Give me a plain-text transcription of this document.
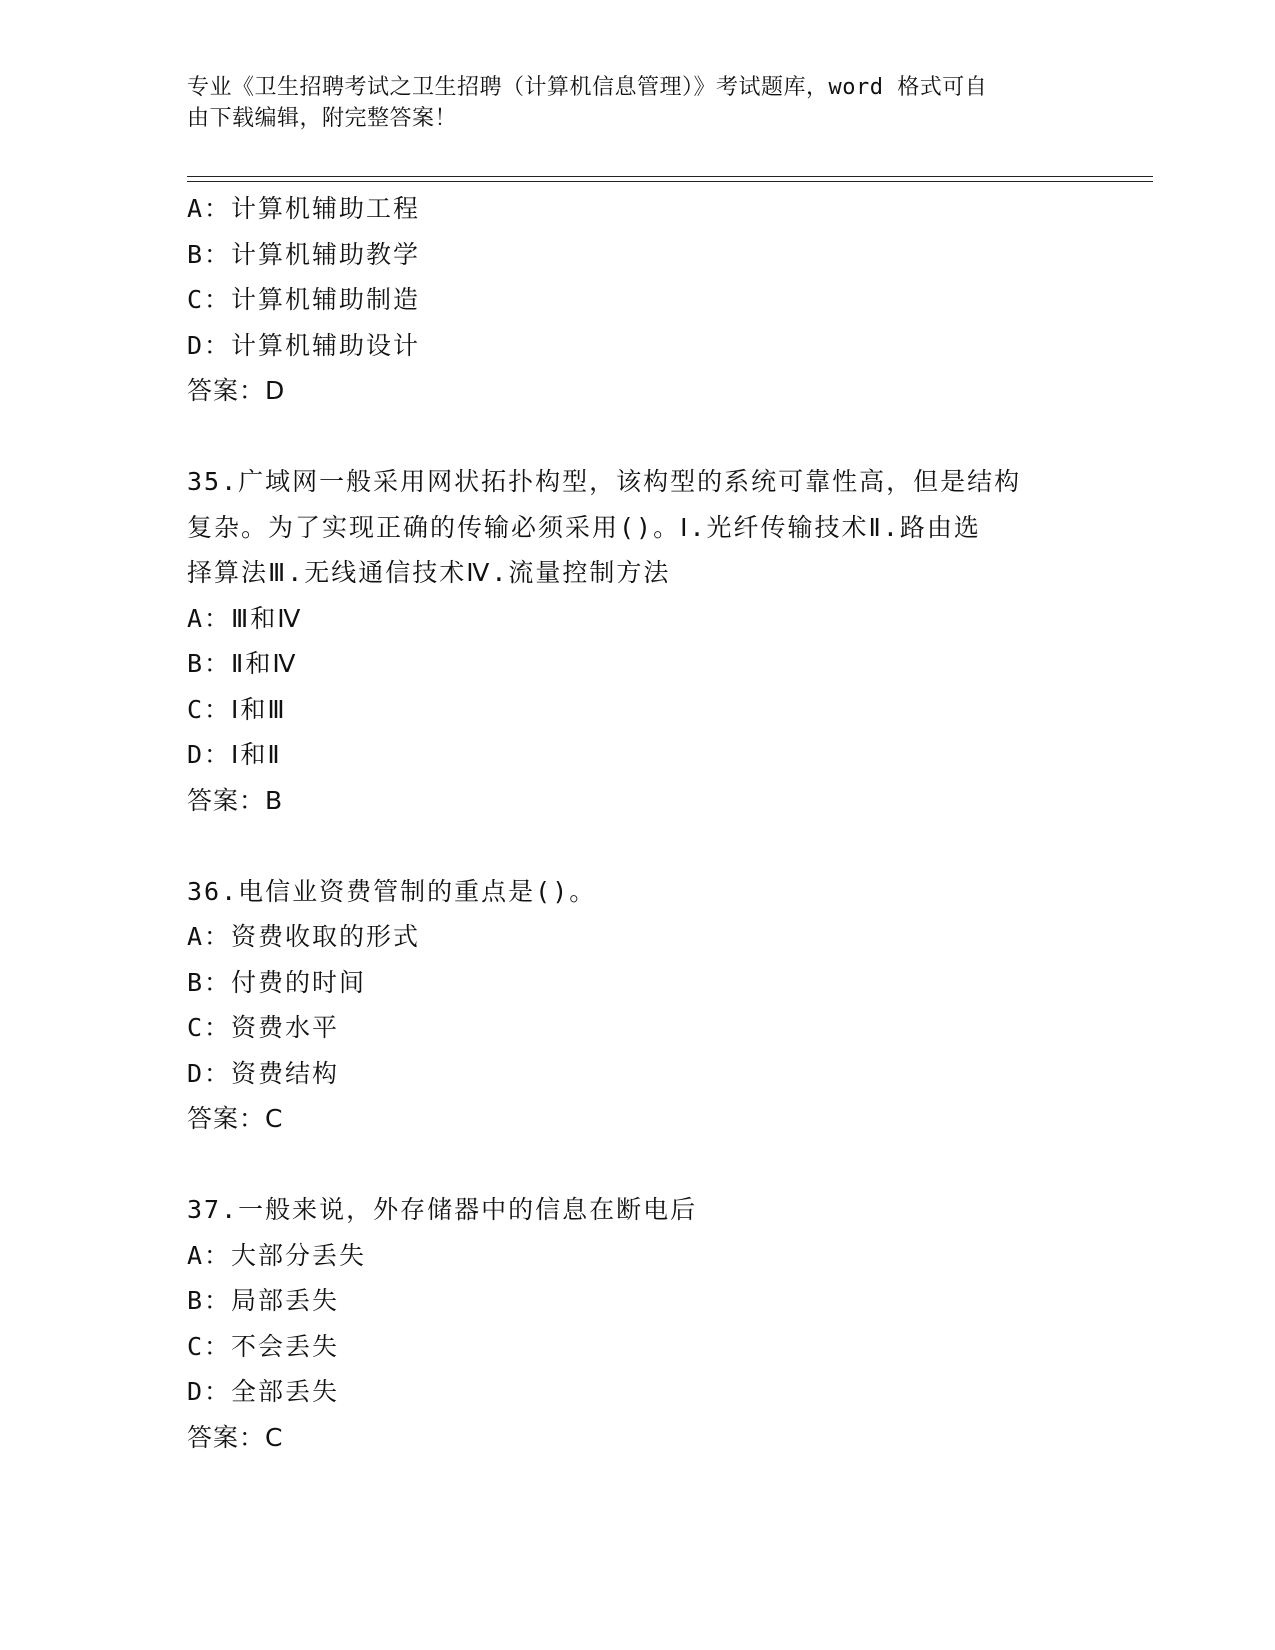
专业《卫生招聘考试之卫生招聘（计算机信息管理）》考试题库，word 格式可自
由下载编辑，附完整答案！
A：计算机辅助工程
B：计算机辅助教学
C：计算机辅助制造
D：计算机辅助设计
答案：D
35.广域网一般采用网状拓扑构型，该构型的系统可靠性高，但是结构
复杂。为了实现正确的传输必须采用()。Ⅰ.光纤传输技术Ⅱ.路由选
择算法Ⅲ.无线通信技术Ⅳ.流量控制方法
A：Ⅲ和Ⅳ
B：Ⅱ和Ⅳ
C：Ⅰ和Ⅲ
D：Ⅰ和Ⅱ
答案：B
36.电信业资费管制的重点是()。
A：资费收取的形式
B：付费的时间
C：资费水平
D：资费结构
答案：C
37.一般来说，外存储器中的信息在断电后
A：大部分丢失
B：局部丢失
C：不会丢失
D：全部丢失
答案：C
